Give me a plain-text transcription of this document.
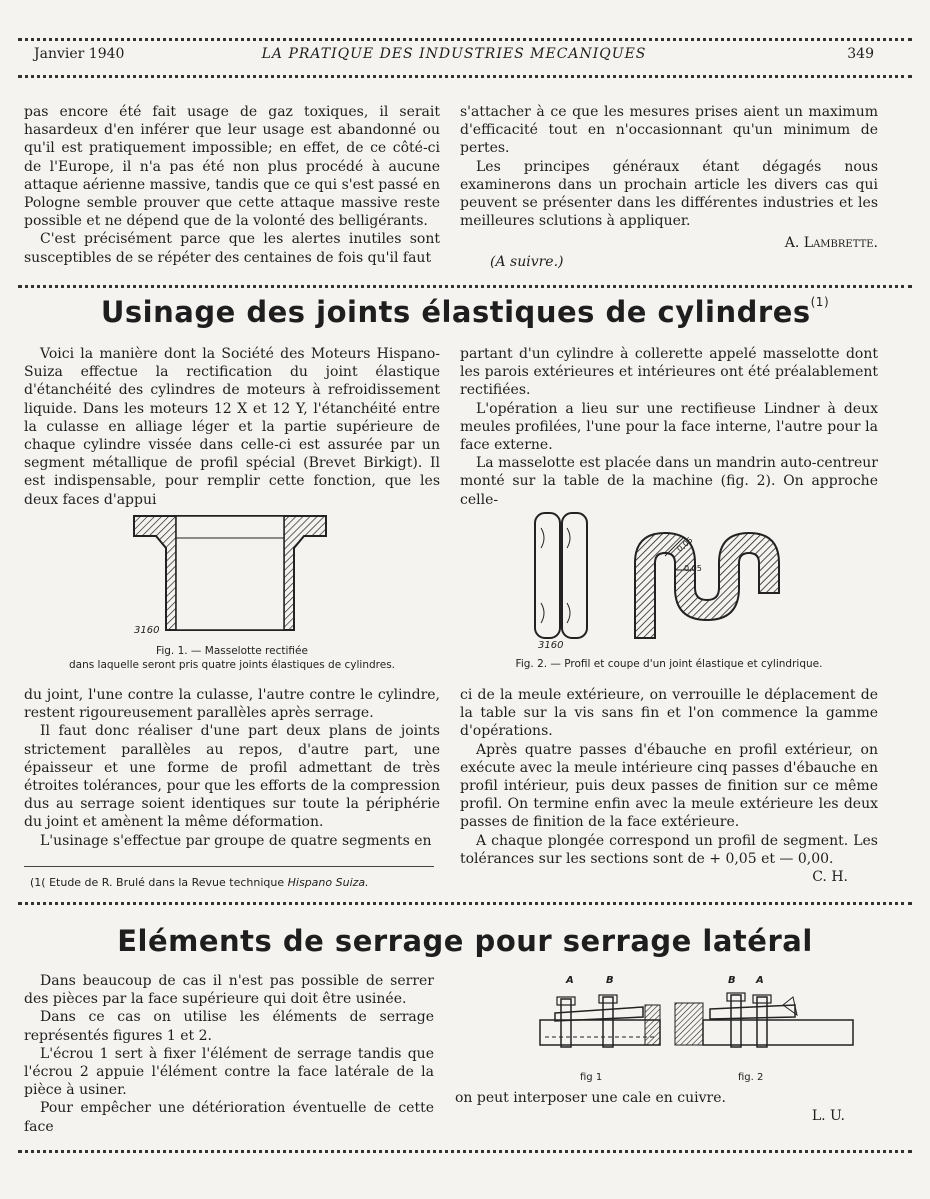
Janvier 1940	LA PRATIQUE DES INDUSTRIES MECANIQUES	349

pas encore été fait usage de gaz toxiques, il serait hasardeux d'en inférer que leur usage est abandonné ou qu'il est pratiquement impossible; en effet, de ce côté-ci de l'Europe, il n'a pas été non plus procédé à aucune attaque aérienne massive, tandis que ce qui s'est passé en Pologne semble prouver que cette attaque massive reste possible et ne dépend que de la volonté des belligérants.

C'est précisément parce que les alertes inutiles sont susceptibles de se répéter des centaines de fois qu'il faut

s'attacher à ce que les mesures prises aient un maximum d'efficacité tout en n'occasionnant qu'un minimum de pertes.

Les principes généraux étant dégagés nous examinerons dans un prochain article les divers cas qui peuvent se présenter dans les différentes industries et les meilleures sclutions à appliquer.

A. Lambrette.
(A suivre.)
Usinage des joints élastiques de cylindres$^{(1)}$

Voici la manière dont la Société des Moteurs Hispano-Suiza effectue la rectification du joint élastique d'étanchéité des cylindres de moteurs à refroidissement liquide. Dans les moteurs 12 X et 12 Y, l'étanchéité entre la culasse en alliage léger et la partie supérieure de chaque cylindre vissée dans celle-ci est assurée par un segment métallique de profil spécial (Brevet Birkigt). Il est indispensable, pour remplir cette fonction, que les deux faces d'appui

partant d'un cylindre à collerette appelé masselotte dont les parois extérieures et intérieures ont été préalablement rectifiées.

L'opération a lieu sur une rectifieuse Lindner à deux meules profilées, l'une pour la face interne, l'autre pour la face externe.

La masselotte est placée dans un mandrin auto-centreur monté sur la table de la machine (fig. 2). On approche celle-

3160
Fig. 1. — Masselotte rectifiée
dans laquelle seront pris quatre joints élastiques de cylindres.
0,05
0,05
3160
Fig. 2. — Profil et coupe d'un joint élastique et cylindrique.

du joint, l'une contre la culasse, l'autre contre le cylindre, restent rigoureusement parallèles après serrage.

Il faut donc réaliser d'une part deux plans de joints strictement parallèles au repos, d'autre part, une épaisseur et une forme de profil admettant de très étroites tolérances, pour que les efforts de la compression dus au serrage soient identiques sur toute la périphérie du joint et amènent la même déformation.

L'usinage s'effectue par groupe de quatre segments en

ci de la meule extérieure, on verrouille le déplacement de la table sur la vis sans fin et l'on commence la gamme d'opérations.

Après quatre passes d'ébauche en profil extérieur, on exécute avec la meule intérieure cinq passes d'ébauche en profil intérieur, puis deux passes de finition sur ce même profil. On termine enfin avec la meule extérieure les deux passes de finition de la face extérieure.

A chaque plongée correspond un profil de segment. Les tolérances sur les sections sont de + 0,05 et — 0,00.

C. H.
(1( Etude de R. Brulé dans la Revue technique Hispano Suiza.
Eléments de serrage pour serrage latéral

Dans beaucoup de cas il n'est pas possible de serrer des pièces par la face supérieure qui doit être usinée.

Dans ce cas on utilise les éléments de serrage représentés figures 1 et 2.

L'écrou 1 sert à fixer l'élément de serrage tandis que l'écrou 2 appuie l'élément contre la face latérale de la pièce à usiner.

Pour empêcher une détérioration éventuelle de cette face

A	B	B A
fig 1	fig. 2

on peut interposer une cale en cuivre.

L. U.
